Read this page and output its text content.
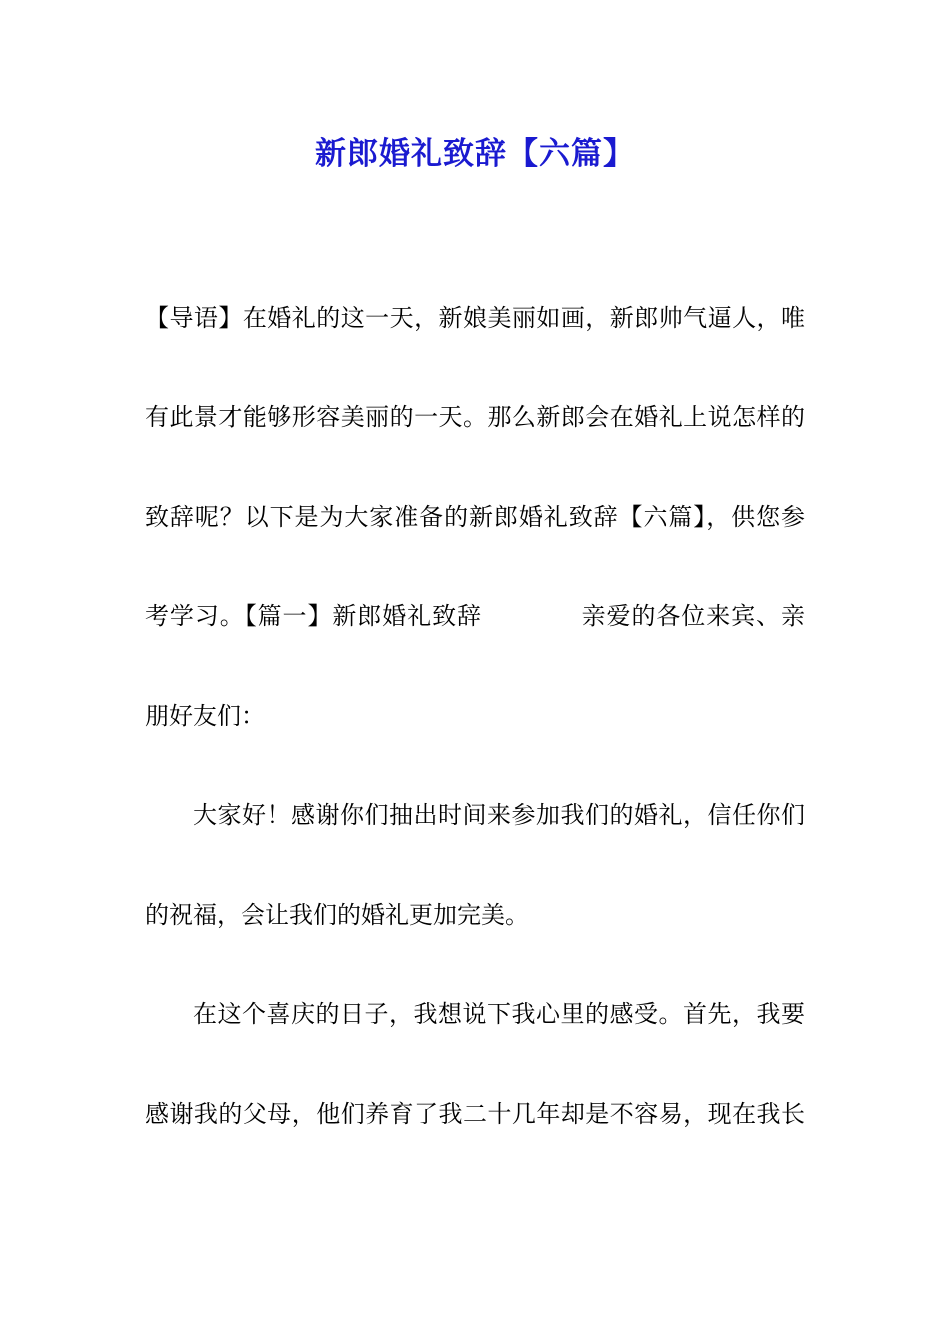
新郎婚礼致辞【六篇】
【导语】在婚礼的这一天，新娘美丽如画，新郎帅气逼人，唯
有此景才能够形容美丽的一天。那么新郎会在婚礼上说怎样的
致辞呢？以下是为大家准备的新郎婚礼致辞【六篇】，供您参
考学习。【篇一】新郎婚礼致辞　　　　亲爱的各位来宾、亲
朋好友们：
大家好！感谢你们抽出时间来参加我们的婚礼，信任你们
的祝福，会让我们的婚礼更加完美。
在这个喜庆的日子，我想说下我心里的感受。首先，我要
感谢我的父母，他们养育了我二十几年却是不容易，现在我长
